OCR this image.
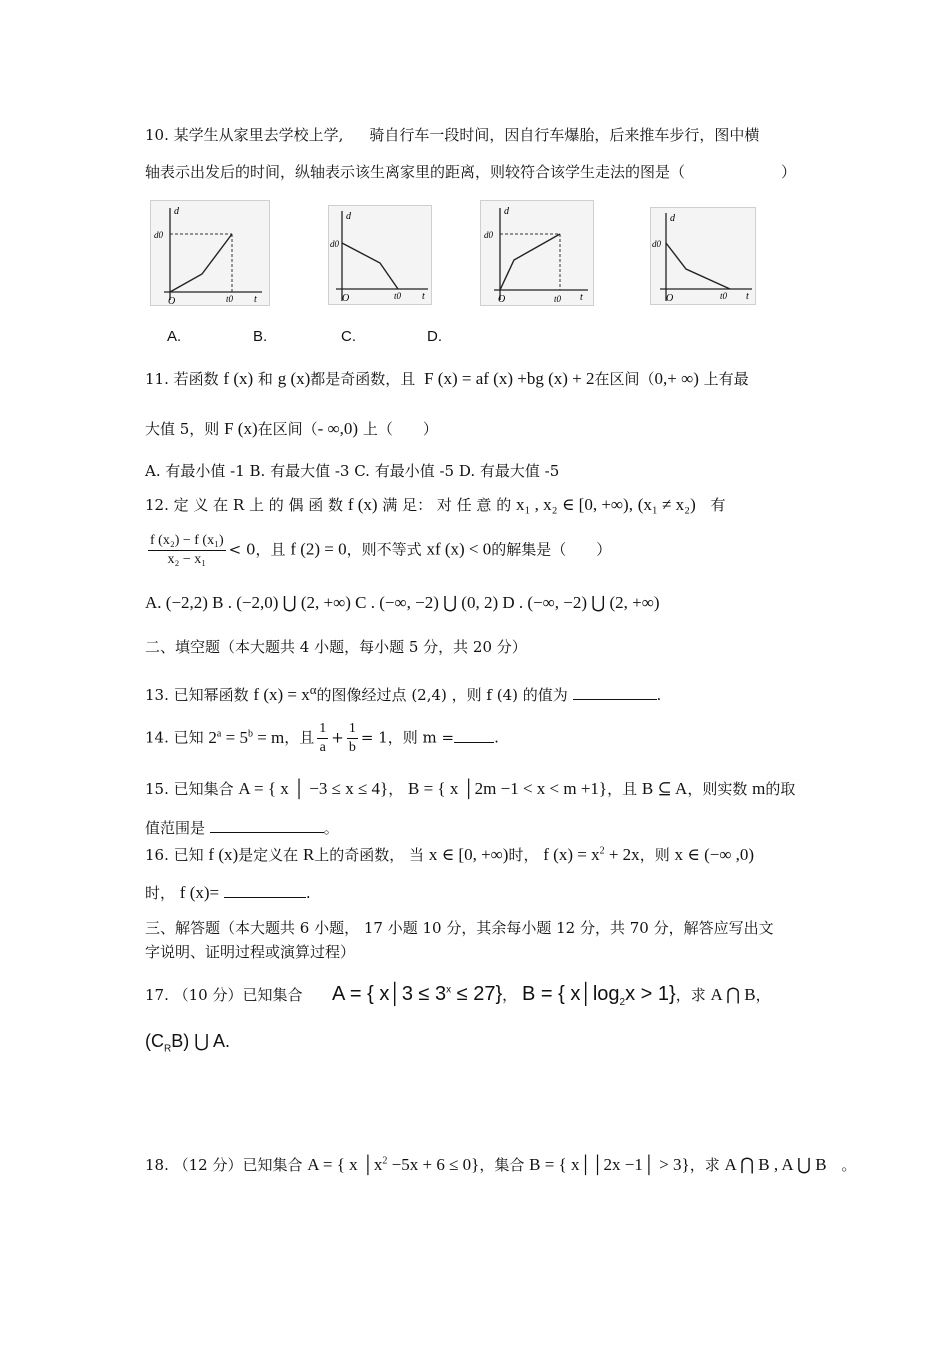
10. 某学生从家里去学校上学, 骑自行车一段时间，因自行车爆胎，后来推车步行，图中横
轴表示出发后的时间，纵轴表示该生离家里的距离，则较符合该学生走法的图是（	）
d
t
O
d0
t0
d
t
O
d0
t0
d
t
O
d0
t0
d
t
O
d0
t0
A.	B.	C.	D.
11. 若函数 f (x) 和 g (x)都是奇函数，且 F (x) = af (x) +bg (x) + 2在区间（0,+ ∞) 上有最
大值 5，则 F (x)在区间（- ∞,0) 上（　　）
A. 有最小值 -1 B. 有最大值 -3 C. 有最小值 -5 D. 有最大值 -5
12. 定 义 在 R 上 的 偶 函 数 f (x) 满 足： 对 任 意 的 x₁ , x₂ ∈ [0, +∞), (x₁ ≠ x₂) 有
$\frac{\text{f (x₂) − f (x₁)}}{\text{x₂ − x₁}} < 0$，且 f (2) = 0，则不等式 xf (x) < 0的解集是（　　）
A. (−2,2) B . (−2,0) ⋃ (2, +∞) C . (−∞, −2) ⋃ (0, 2) D . (−∞, −2) ⋃ (2, +∞)
二、填空题（本大题共 4 小题，每小题 5 分，共 20 分）
13. 已知幂函数 f $(x) = x^\alpha$的图像经过点 (2,4) ，则 f (4) 的值为	.
14. 已知 $2^a = 5^b = m$，且 $\frac{1}{a} + \frac{1}{b} = 1$，则 m =	.
15. 已知集合 A = { x │ −3 ≤ x ≤ 4}， B = { x │2m −1 < x < m +1}，且 B ⊆ A，则实数 m的取
值范围是	。
16. 已知 f (x)是定义在 R上的奇函数， 当 x ∈ [0, +∞)时， f $(x) = x^2 + 2x$，则 x ∈ (−∞ ,0)
时， f (x)=	.
三、解答题（本大题共 6 小题， 17 小题 10 分，其余每小题 12 分，共 70 分，解答应写出文
字说明、证明过程或演算过程）
17. （10 分）已知集合 A = { x│3 ≤ $3^x \le 27$}， B = { $x│\log_2x > 1$}，求 A ⋂ B，
$(C_RB)$ ⋃ A.
18. （12 分）已知集合 A = { x $│x^2 -5x + 6 \le 0$}，集合 B = { x││2x −1│ > 3}，求 A ⋂ B , A ⋃ B 。
